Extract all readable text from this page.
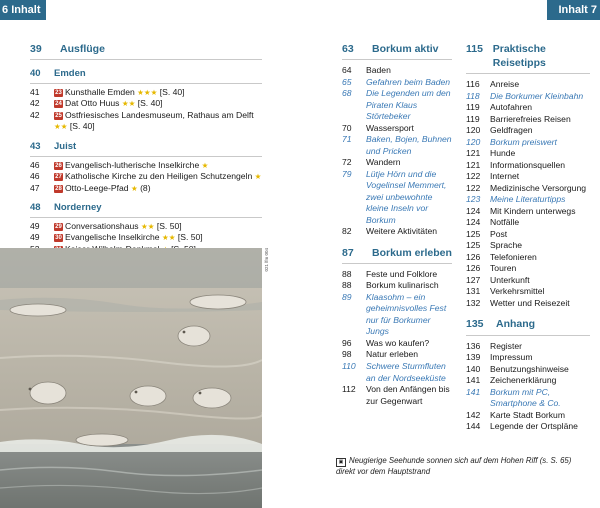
6 Inhalt	Inhalt 7
39	Ausflüge
40	Emden
41	23 Kunsthalle Emden ★★★ [S. 40]
42	24 Dat Otto Huus ★★ [S. 40]
42	25 Ostfriesisches Landesmuseum, Rathaus am Delft ★★ [S. 40]
43	Juist
46	26 Evangelisch-lutherische Inselkirche ★
46	27 Katholische Kirche zu den Heiligen Schutzengeln ★
47	28 Otto-Leege-Pfad ★ (8)
48	Norderney
49	29 Conversationshaus ★★ [S. 50]
49	30 Evangelische Inselkirche ★★ [S. 50]
63	Borkum aktiv
64	Baden
65	Gefahren beim Baden
68	Die Legenden um den Piraten Klaus Störtebeker
70	Wassersport
71	Baken, Bojen, Buhnen und Pricken
72	Wandern
79	Lütje Hörn und die Vogelinsel Memmert, zwei unbewohnte kleine Inseln vor Borkum
82	Weitere Aktivitäten
87	Borkum erleben
88	Feste und Folklore
88	Borkum kulinarisch
89	Klaasohm – ein geheimnisvolles Fest nur für Borkumer Jungs
96	Was wo kaufen?
98	Natur erleben
110	Schwere Sturmfluten an der Nordseeküste
112	Von den Anfängen bis zur Gegenwart
115 Praktische Reisetipps
116	Anreise
118	Die Borkumer Kleinbahn
119	Autofahren
119	Barrierefreies Reisen
120	Geldfragen
120	Borkum preiswert
121	Hunde
121	Informationsquellen
122	Internet
122	Medizinische Versorgung
123	Meine Literaturtipps
124	Mit Kindern unterwegs
124	Notfälle
125	Post
125	Sprache
126	Telefonieren
126	Touren
127	Unterkunft
131	Verkehrsmittel
132	Wetter und Reisezeit
135	Anhang
136	Register
139	Impressum
140	Benutzungshinweise
141	Zeichenerklärung
141	Borkum mit PC, Smartphone & Co.
142	Karte Stadt Borkum
144	Legende der Ortspläne
021 lfm 004
▣ Neugierige Seehunde sonnen sich auf dem Hohen Riff (s. S. 65) direkt vor dem Hauptstrand
